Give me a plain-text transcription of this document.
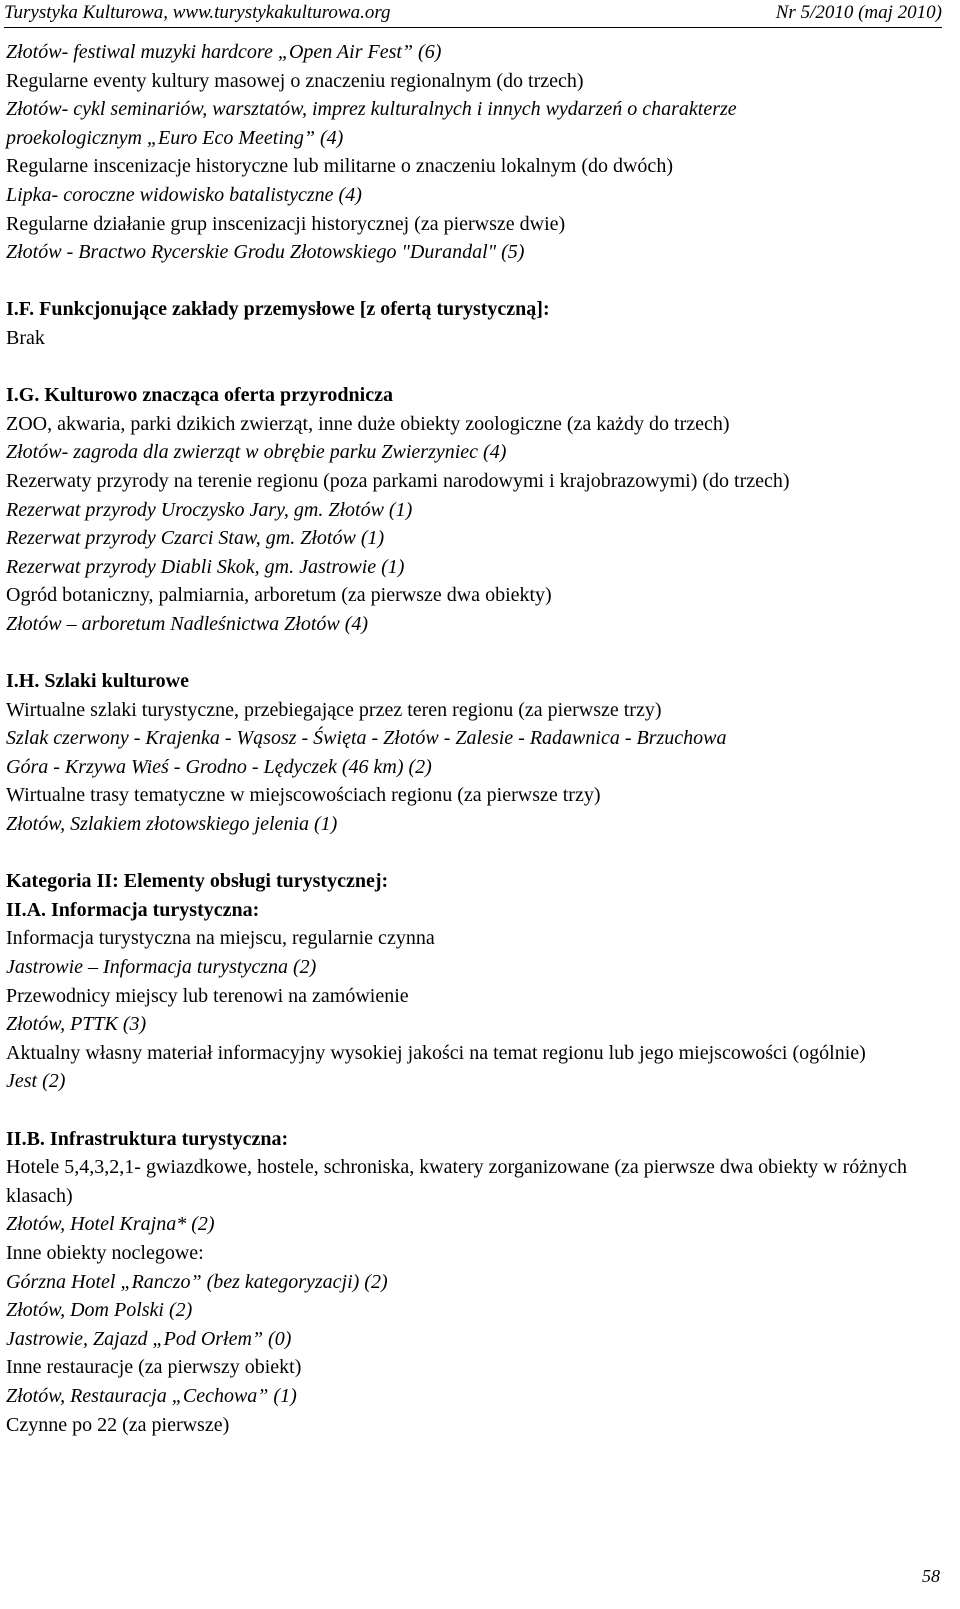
Turystyka Kulturowa, www.turystykakulturowa.org	Nr 5/2010 (maj 2010)
Złotów- festiwal muzyki hardcore „Open Air Fest” (6)
Regularne eventy kultury masowej o znaczeniu regionalnym (do trzech)
Złotów- cykl seminariów, warsztatów, imprez kulturalnych i innych wydarzeń o charakterze
proekologicznym „Euro Eco Meeting” (4)
Regularne inscenizacje historyczne lub militarne o znaczeniu lokalnym (do dwóch)
Lipka- coroczne widowisko batalistyczne (4)
Regularne działanie grup inscenizacji historycznej (za pierwsze dwie)
Złotów - Bractwo Rycerskie Grodu Złotowskiego "Durandal" (5)
I.F. Funkcjonujące zakłady przemysłowe [z ofertą turystyczną]:
Brak
I.G. Kulturowo znacząca oferta przyrodnicza
ZOO, akwaria, parki dzikich zwierząt, inne duże obiekty zoologiczne (za każdy do trzech)
Złotów- zagroda dla zwierząt w obrębie parku Zwierzyniec (4)
Rezerwaty przyrody na terenie regionu (poza parkami narodowymi i krajobrazowymi) (do trzech)
Rezerwat przyrody Uroczysko Jary, gm. Złotów (1)
Rezerwat przyrody Czarci Staw, gm. Złotów (1)
Rezerwat przyrody Diabli Skok, gm. Jastrowie (1)
Ogród botaniczny, palmiarnia, arboretum (za pierwsze dwa obiekty)
Złotów – arboretum Nadleśnictwa Złotów (4)
I.H. Szlaki kulturowe
Wirtualne szlaki turystyczne, przebiegające przez teren regionu (za pierwsze trzy)
Szlak czerwony - Krajenka - Wąsosz - Święta - Złotów - Zalesie - Radawnica - Brzuchowa
Góra - Krzywa Wieś - Grodno - Lędyczek (46 km) (2)
Wirtualne trasy tematyczne w miejscowościach regionu (za pierwsze trzy)
Złotów, Szlakiem złotowskiego jelenia (1)
Kategoria II: Elementy obsługi turystycznej:
II.A. Informacja turystyczna:
Informacja turystyczna na miejscu, regularnie czynna
Jastrowie – Informacja turystyczna (2)
Przewodnicy miejscy lub terenowi na zamówienie
Złotów, PTTK (3)
Aktualny własny materiał informacyjny wysokiej jakości na temat regionu lub jego miejscowości (ogólnie)
Jest (2)
II.B. Infrastruktura turystyczna:
Hotele 5,4,3,2,1- gwiazdkowe, hostele, schroniska, kwatery zorganizowane (za pierwsze dwa obiekty w różnych klasach)
Złotów, Hotel Krajna* (2)
Inne obiekty noclegowe:
Górzna Hotel „Ranczo” (bez kategoryzacji) (2)
Złotów, Dom Polski (2)
Jastrowie, Zajazd „Pod Orłem” (0)
Inne restauracje (za pierwszy obiekt)
Złotów, Restauracja „Cechowa” (1)
Czynne po 22 (za pierwsze)
58
